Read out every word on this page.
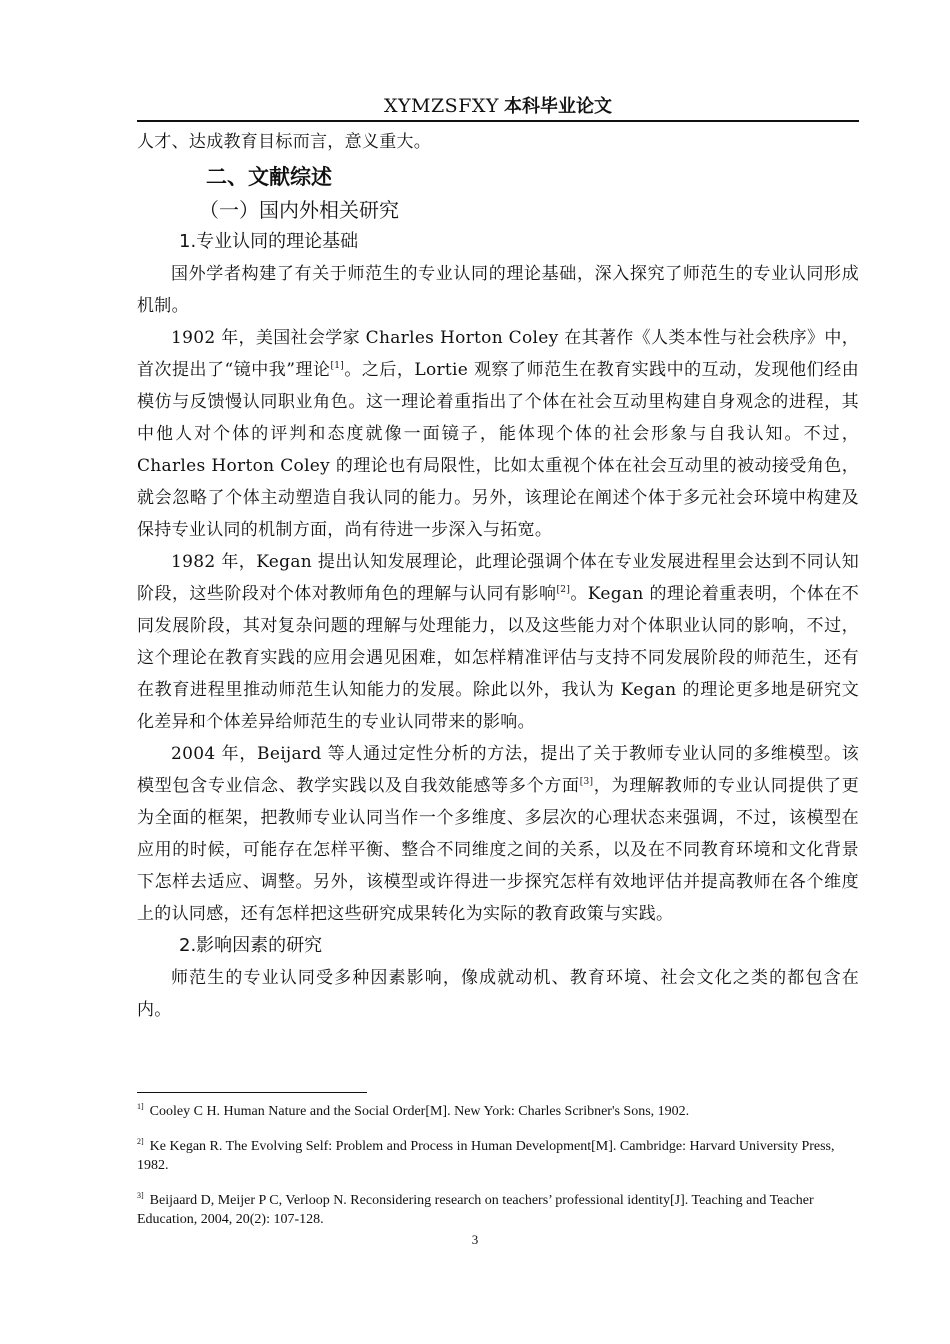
XYMZSFXY 本科毕业论文

人才、达成教育目标而言，意义重大。

二、文献综述
（一）国内外相关研究
1.专业认同的理论基础

国外学者构建了有关于师范生的专业认同的理论基础，深入探究了师范生的专业认同形成机制。

1902 年，美国社会学家 Charles Horton Coley 在其著作《人类本性与社会秩序》中，首次提出了“镜中我”理论[1]。之后，Lortie 观察了师范生在教育实践中的互动，发现他们经由模仿与反馈慢认同职业角色。这一理论着重指出了个体在社会互动里构建自身观念的进程，其中他人对个体的评判和态度就像一面镜子，能体现个体的社会形象与自我认知。不过，Charles Horton Coley 的理论也有局限性，比如太重视个体在社会互动里的被动接受角色，就会忽略了个体主动塑造自我认同的能力。另外，该理论在阐述个体于多元社会环境中构建及保持专业认同的机制方面，尚有待进一步深入与拓宽。

1982 年，Kegan 提出认知发展理论，此理论强调个体在专业发展进程里会达到不同认知阶段，这些阶段对个体对教师角色的理解与认同有影响[2]。Kegan 的理论着重表明，个体在不同发展阶段，其对复杂问题的理解与处理能力，以及这些能力对个体职业认同的影响，不过，这个理论在教育实践的应用会遇见困难，如怎样精准评估与支持不同发展阶段的师范生，还有在教育进程里推动师范生认知能力的发展。除此以外，我认为 Kegan 的理论更多地是研究文化差异和个体差异给师范生的专业认同带来的影响。

2004 年，Beijard 等人通过定性分析的方法，提出了关于教师专业认同的多维模型。该模型包含专业信念、教学实践以及自我效能感等多个方面[3]，为理解教师的专业认同提供了更为全面的框架，把教师专业认同当作一个多维度、多层次的心理状态来强调，不过，该模型在应用的时候，可能存在怎样平衡、整合不同维度之间的关系，以及在不同教育环境和文化背景下怎样去适应、调整。另外，该模型或许得进一步探究怎样有效地评估并提高教师在各个维度上的认同感，还有怎样把这些研究成果转化为实际的教育政策与实践。

2.影响因素的研究

师范生的专业认同受多种因素影响，像成就动机、教育环境、社会文化之类的都包含在内。

$^{1]}$ Cooley C H. Human Nature and the Social Order[M]. New York: Charles Scribner's Sons, 1902.
$^{2]}$ Ke Kegan R. The Evolving Self: Problem and Process in Human Development[M]. Cambridge: Harvard University Press, 1982.
$^{3]}$ Beijaard D, Meijer P C, Verloop N. Reconsidering research on teachers’ professional identity[J]. Teaching and Teacher Education, 2004, 20(2): 107-128.
3
